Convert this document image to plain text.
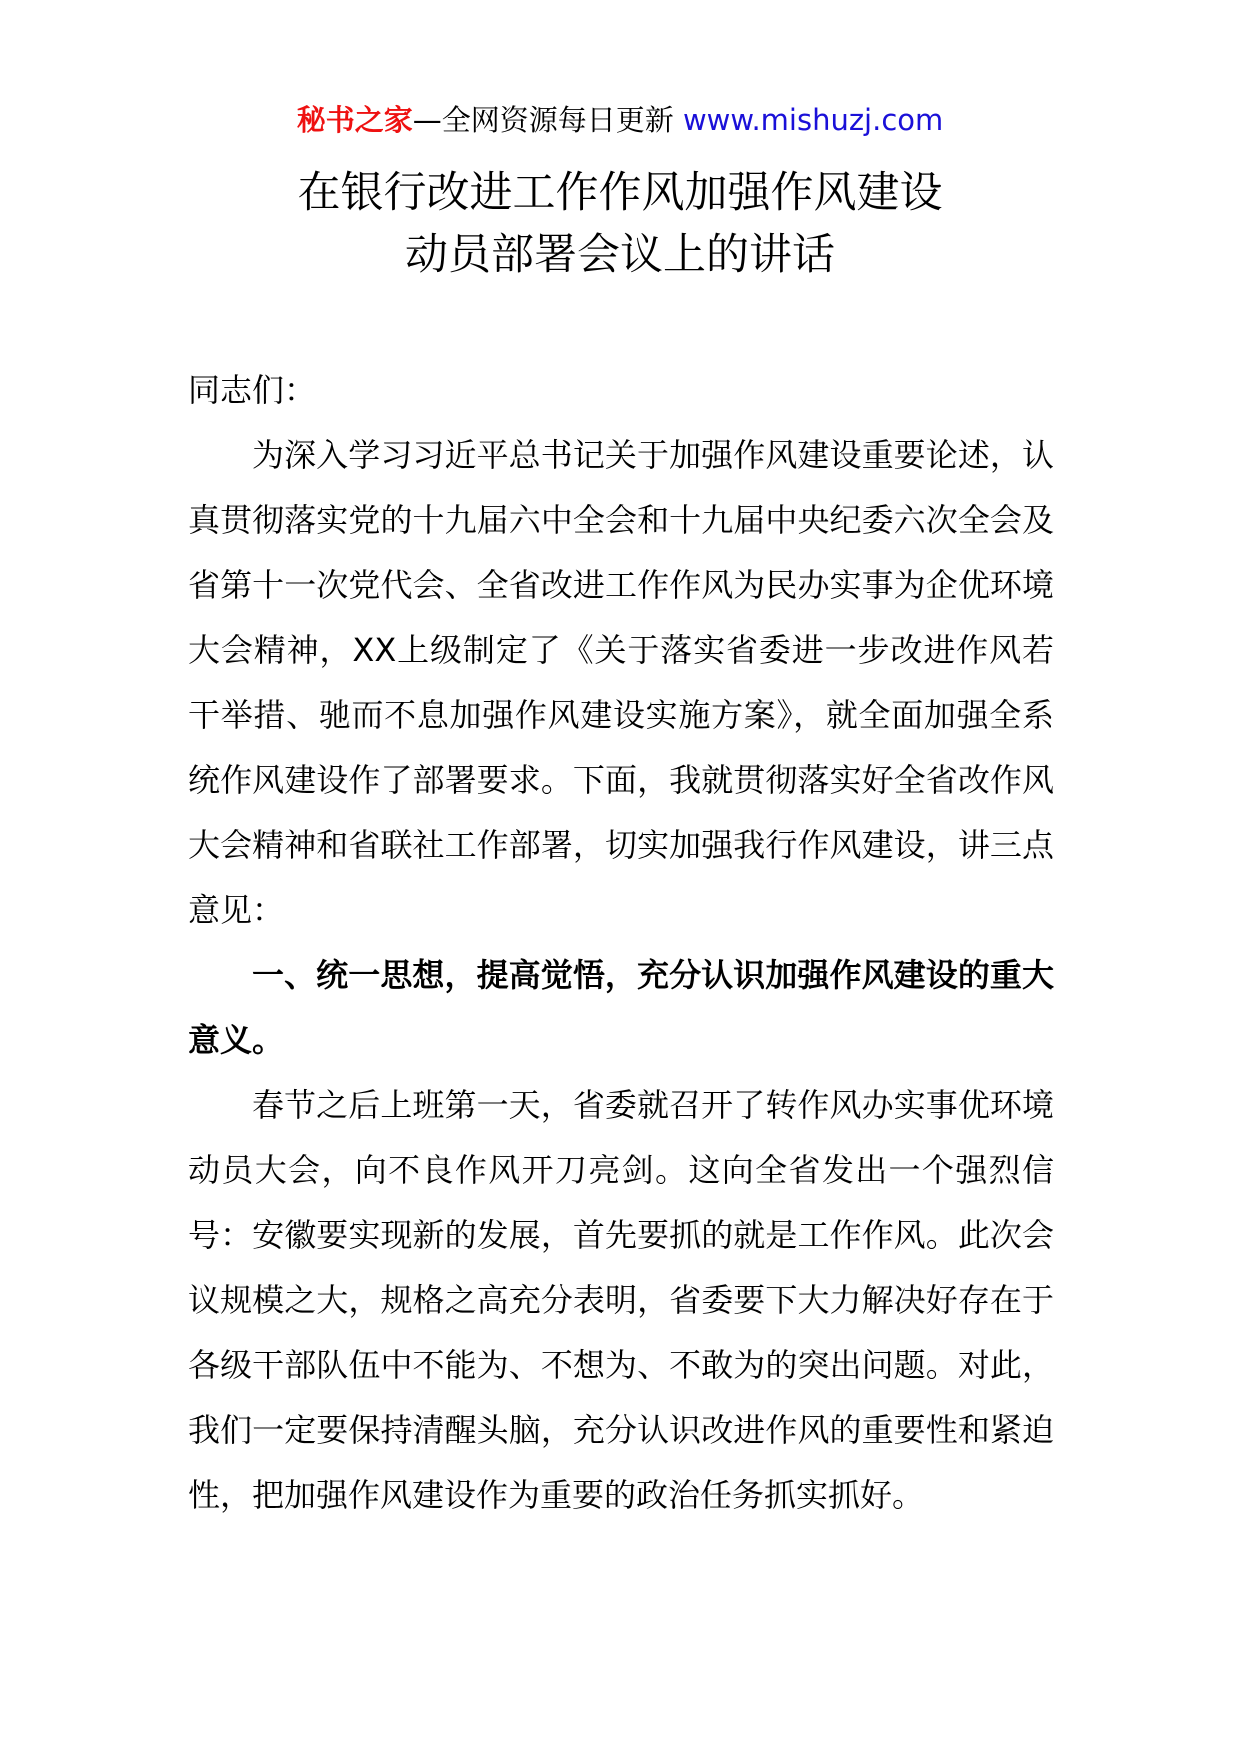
秘书之家—全网资源每日更新 www.mishuzj.com
在银行改进工作作风加强作风建设
动员部署会议上的讲话

同志们：

为深入学习习近平总书记关于加强作风建设重要论述，认真贯彻落实党的十九届六中全会和十九届中央纪委六次全会及省第十一次党代会、全省改进工作作风为民办实事为企优环境大会精神，XX上级制定了《关于落实省委进一步改进作风若干举措、驰而不息加强作风建设实施方案》，就全面加强全系统作风建设作了部署要求。下面，我就贯彻落实好全省改作风大会精神和省联社工作部署，切实加强我行作风建设，讲三点意见：

一、统一思想，提高觉悟，充分认识加强作风建设的重大意义。

春节之后上班第一天，省委就召开了转作风办实事优环境动员大会，向不良作风开刀亮剑。这向全省发出一个强烈信号：安徽要实现新的发展，首先要抓的就是工作作风。此次会议规模之大，规格之高充分表明，省委要下大力解决好存在于各级干部队伍中不能为、不想为、不敢为的突出问题。对此，我们一定要保持清醒头脑，充分认识改进作风的重要性和紧迫性，把加强作风建设作为重要的政治任务抓实抓好。
